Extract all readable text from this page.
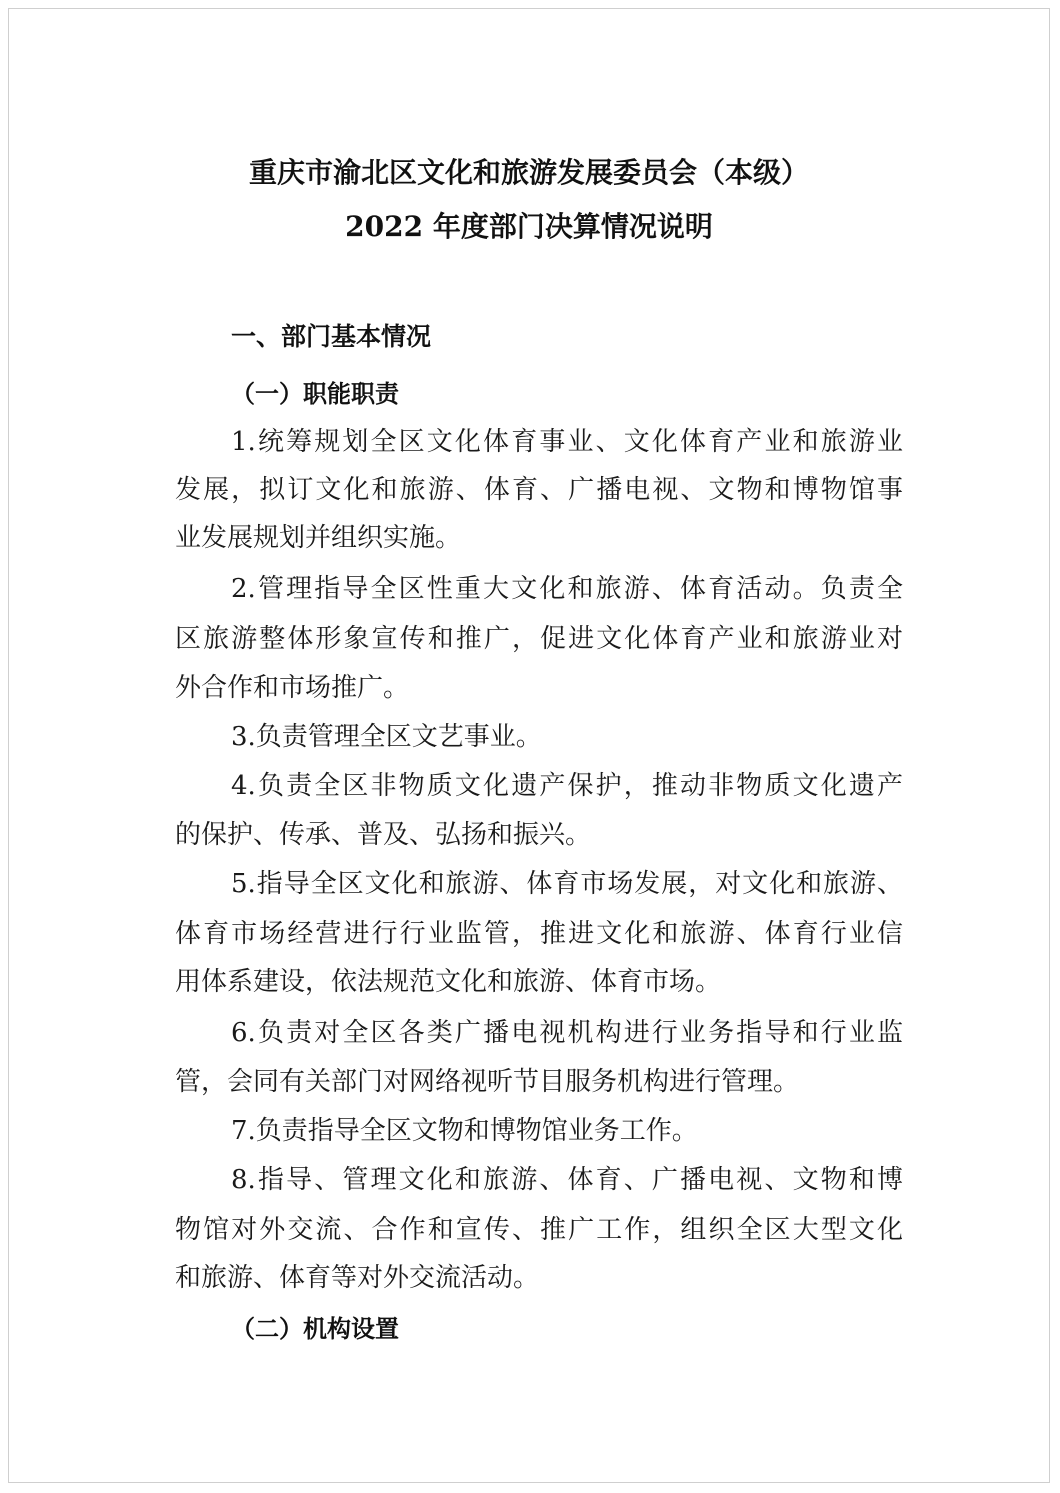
重庆市渝北区文化和旅游发展委员会（本级）
2022 年度部门决算情况说明
一、部门基本情况
（一）职能职责
1.统筹规划全区文化体育事业、文化体育产业和旅游业
发展，拟订文化和旅游、体育、广播电视、文物和博物馆事
业发展规划并组织实施。
2.管理指导全区性重大文化和旅游、体育活动。负责全
区旅游整体形象宣传和推广，促进文化体育产业和旅游业对
外合作和市场推广。
3.负责管理全区文艺事业。
4.负责全区非物质文化遗产保护，推动非物质文化遗产
的保护、传承、普及、弘扬和振兴。
5.指导全区文化和旅游、体育市场发展，对文化和旅游、
体育市场经营进行行业监管，推进文化和旅游、体育行业信
用体系建设，依法规范文化和旅游、体育市场。
6.负责对全区各类广播电视机构进行业务指导和行业监
管，会同有关部门对网络视听节目服务机构进行管理。
7.负责指导全区文物和博物馆业务工作。
8.指导、管理文化和旅游、体育、广播电视、文物和博
物馆对外交流、合作和宣传、推广工作，组织全区大型文化
和旅游、体育等对外交流活动。
（二）机构设置
